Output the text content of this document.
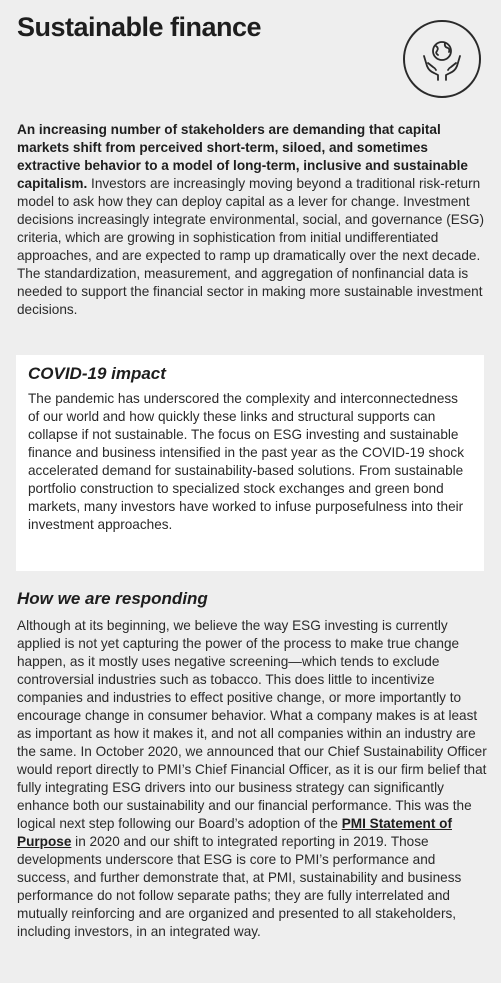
Sustainable finance

An increasing number of stakeholders are demanding that capital markets shift from perceived short-term, siloed, and sometimes extractive behavior to a model of long-term, inclusive and sustainable capitalism. Investors are increasingly moving beyond a traditional risk-return model to ask how they can deploy capital as a lever for change. Investment decisions increasingly integrate environmental, social, and governance (ESG) criteria, which are growing in sophistication from initial undifferentiated approaches, and are expected to ramp up dramatically over the next decade. The standardization, measurement, and aggregation of nonfinancial data is needed to support the financial sector in making more sustainable investment decisions.

COVID-19 impact

The pandemic has underscored the complexity and interconnectedness of our world and how quickly these links and structural supports can collapse if not sustainable. The focus on ESG investing and sustainable finance and business intensified in the past year as the COVID-19 shock accelerated demand for sustainability-based solutions. From sustainable portfolio construction to specialized stock exchanges and green bond markets, many investors have worked to infuse purposefulness into their investment approaches.

How we are responding

Although at its beginning, we believe the way ESG investing is currently applied is not yet capturing the power of the process to make true change happen, as it mostly uses negative screening—which tends to exclude controversial industries such as tobacco. This does little to incentivize companies and industries to effect positive change, or more importantly to encourage change in consumer behavior. What a company makes is at least as important as how it makes it, and not all companies within an industry are the same. In October 2020, we announced that our Chief Sustainability Officer would report directly to PMI’s Chief Financial Officer, as it is our firm belief that fully integrating ESG drivers into our business strategy can significantly enhance both our sustainability and our financial performance. This was the logical next step following our Board’s adoption of the PMI Statement of Purpose in 2020 and our shift to integrated reporting in 2019. Those developments underscore that ESG is core to PMI’s performance and success, and further demonstrate that, at PMI, sustainability and business performance do not follow separate paths; they are fully interrelated and mutually reinforcing and are organized and presented to all stakeholders, including investors, in an integrated way.
